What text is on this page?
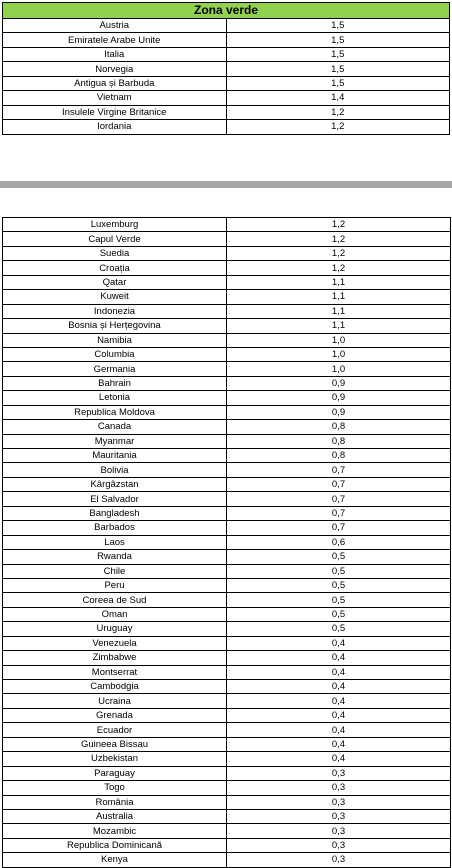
Zona verde	
Austria	1,5
Emiratele Arabe Unite	1,5
Italia	1,5
Norvegia	1,5
Antigua și Barbuda	1,5
Vietnam	1,4
Insulele Virgine Britanice	1,2
Iordania	1,2
Luxemburg	1,2
Capul Verde	1,2
Suedia	1,2
Croația	1,2
Qatar	1,1
Kuweit	1,1
Indonezia	1,1
Bosnia și Herțegovina	1,1
Namibia	1,0
Columbia	1,0
Germania	1,0
Bahrain	0,9
Letonia	0,9
Republica Moldova	0,9
Canada	0,8
Myanmar	0,8
Mauritania	0,8
Bolivia	0,7
Kârgâzstan	0,7
El Salvador	0,7
Bangladesh	0,7
Barbados	0,7
Laos	0,6
Rwanda	0,5
Chile	0,5
Peru	0,5
Coreea de Sud	0,5
Oman	0,5
Uruguay	0,5
Venezuela	0,4
Zimbabwe	0,4
Montserrat	0,4
Cambodgia	0,4
Ucraina	0,4
Grenada	0,4
Ecuador	0,4
Guineea Bissau	0,4
Uzbekistan	0,4
Paraguay	0,3
Togo	0,3
România	0,3
Australia	0,3
Mozambic	0,3
Republica Dominicană	0,3
Kenya	0,3
